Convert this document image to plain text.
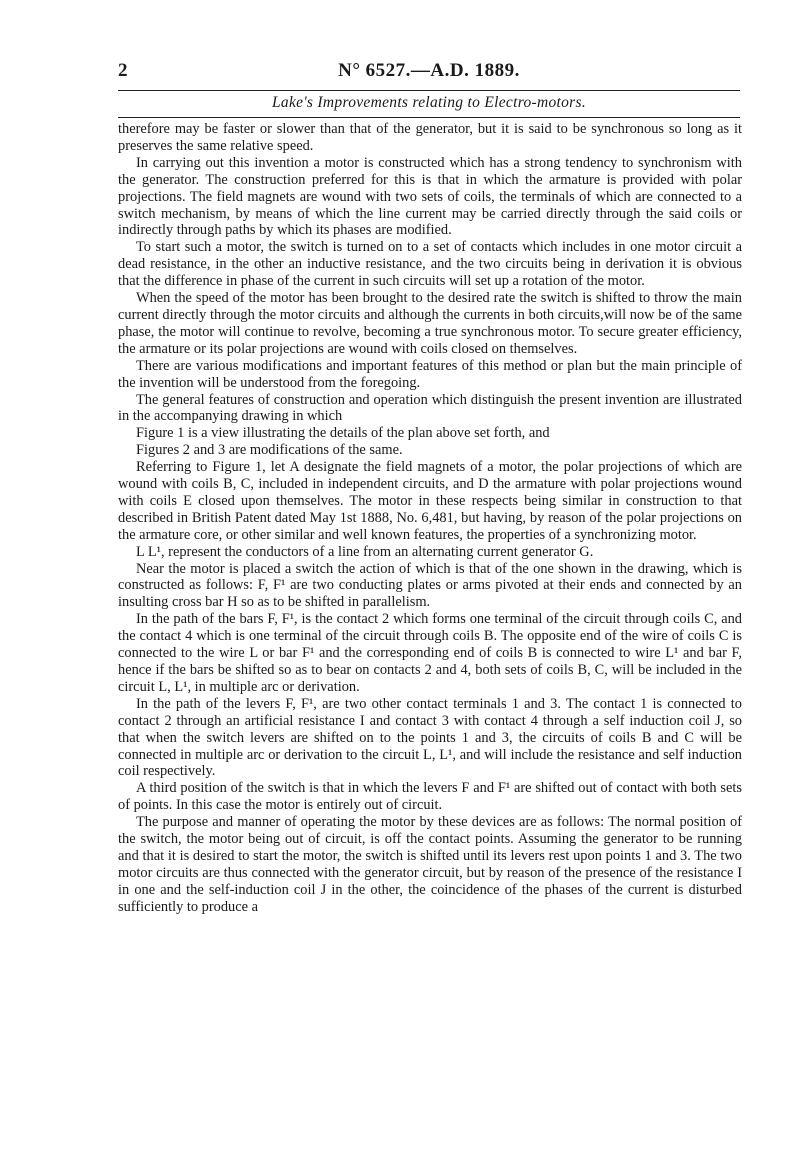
2	N° 6527.—A.D. 1889.
Lake's Improvements relating to Electro-motors.

therefore may be faster or slower than that of the generator, but it is said to be synchronous so long as it preserves the same relative speed.

In carrying out this invention a motor is constructed which has a strong tendency to synchronism with the generator. The construction preferred for this is that in which the armature is provided with polar projections. The field magnets are wound with two sets of coils, the terminals of which are connected to a switch mechanism, by means of which the line current may be carried directly through the said coils or indirectly through paths by which its phases are modified.

To start such a motor, the switch is turned on to a set of contacts which includes in one motor circuit a dead resistance, in the other an inductive resistance, and the two circuits being in derivation it is obvious that the difference in phase of the current in such circuits will set up a rotation of the motor.

When the speed of the motor has been brought to the desired rate the switch is shifted to throw the main current directly through the motor circuits and although the currents in both circuits,will now be of the same phase, the motor will continue to revolve, becoming a true synchronous motor. To secure greater efficiency, the armature or its polar projections are wound with coils closed on themselves.

There are various modifications and important features of this method or plan but the main principle of the invention will be understood from the foregoing.

The general features of construction and operation which distinguish the present invention are illustrated in the accompanying drawing in which

Figure 1 is a view illustrating the details of the plan above set forth, and

Figures 2 and 3 are modifications of the same.

Referring to Figure 1, let A designate the field magnets of a motor, the polar projections of which are wound with coils B, C, included in independent circuits, and D the armature with polar projections wound with coils E closed upon themselves. The motor in these respects being similar in construction to that described in British Patent dated May 1st 1888, No. 6,481, but having, by reason of the polar projections on the armature core, or other similar and well known features, the properties of a synchronizing motor.

L L¹, represent the conductors of a line from an alternating current generator G.

Near the motor is placed a switch the action of which is that of the one shown in the drawing, which is constructed as follows: F, F¹ are two conducting plates or arms pivoted at their ends and connected by an insulting cross bar H so as to be shifted in parallelism.

In the path of the bars F, F¹, is the contact 2 which forms one terminal of the circuit through coils C, and the contact 4 which is one terminal of the circuit through coils B. The opposite end of the wire of coils C is connected to the wire L or bar F¹ and the corresponding end of coils B is connected to wire L¹ and bar F, hence if the bars be shifted so as to bear on contacts 2 and 4, both sets of coils B, C, will be included in the circuit L, L¹, in multiple arc or derivation.

In the path of the levers F, F¹, are two other contact terminals 1 and 3. The contact 1 is connected to contact 2 through an artificial resistance I and contact 3 with contact 4 through a self induction coil J, so that when the switch levers are shifted on to the points 1 and 3, the circuits of coils B and C will be connected in multiple arc or derivation to the circuit L, L¹, and will include the resistance and self induction coil respectively.

A third position of the switch is that in which the levers F and F¹ are shifted out of contact with both sets of points. In this case the motor is entirely out of circuit.

The purpose and manner of operating the motor by these devices are as follows: The normal position of the switch, the motor being out of circuit, is off the contact points. Assuming the generator to be running and that it is desired to start the motor, the switch is shifted until its levers rest upon points 1 and 3. The two motor circuits are thus connected with the generator circuit, but by reason of the presence of the resistance I in one and the self-induction coil J in the other, the coincidence of the phases of the current is disturbed sufficiently to produce a
